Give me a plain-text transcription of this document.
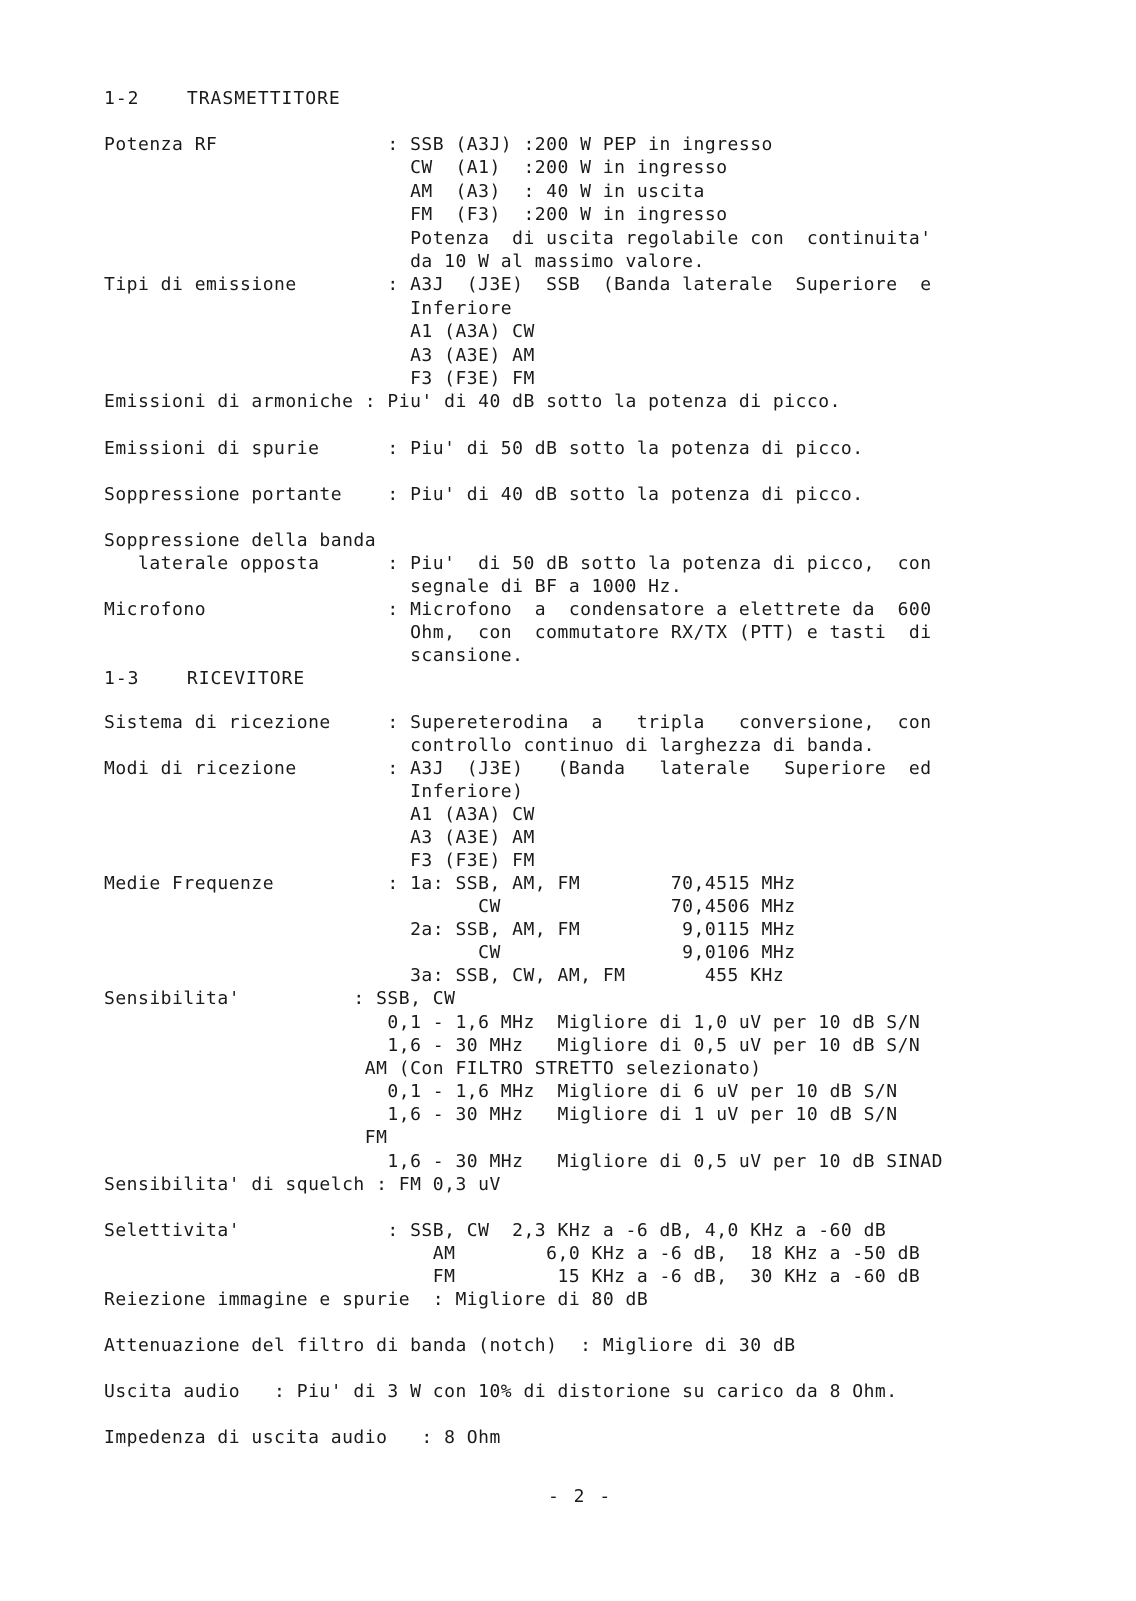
1-2    TRASMETTITORE
Potenza RF               : SSB (A3J) :200 W PEP in ingresso
CW  (A1)  :200 W in ingresso
AM  (A3)  : 40 W in uscita
FM  (F3)  :200 W in ingresso
Potenza  di uscita regolabile con  continuita'
da 10 W al massimo valore.
Tipi di emissione        : A3J  (J3E)  SSB  (Banda laterale  Superiore  e
Inferiore
A1 (A3A) CW
A3 (A3E) AM
F3 (F3E) FM
Emissioni di armoniche : Piu' di 40 dB sotto la potenza di picco.
Emissioni di spurie      : Piu' di 50 dB sotto la potenza di picco.
Soppressione portante    : Piu' di 40 dB sotto la potenza di picco.
Soppressione della banda
laterale opposta      : Piu'  di 50 dB sotto la potenza di picco,  con
segnale di BF a 1000 Hz.
Microfono                : Microfono  a  condensatore a elettrete da  600
Ohm,  con  commutatore RX/TX (PTT) e tasti  di
scansione.
1-3    RICEVITORE
Sistema di ricezione     : Supereterodina  a   tripla   conversione,  con
controllo continuo di larghezza di banda.
Modi di ricezione        : A3J  (J3E)   (Banda   laterale   Superiore  ed
Inferiore)
A1 (A3A) CW
A3 (A3E) AM
F3 (F3E) FM
Medie Frequenze          : 1a: SSB, AM, FM        70,4515 MHz
CW               70,4506 MHz
2a: SSB, AM, FM         9,0115 MHz
CW                9,0106 MHz
3a: SSB, CW, AM, FM       455 KHz
Sensibilita'          : SSB, CW
0,1 - 1,6 MHz  Migliore di 1,0 uV per 10 dB S/N
1,6 - 30 MHz   Migliore di 0,5 uV per 10 dB S/N
AM (Con FILTRO STRETTO selezionato)
0,1 - 1,6 MHz  Migliore di 6 uV per 10 dB S/N
1,6 - 30 MHz   Migliore di 1 uV per 10 dB S/N
FM
1,6 - 30 MHz   Migliore di 0,5 uV per 10 dB SINAD
Sensibilita' di squelch : FM 0,3 uV
Selettivita'             : SSB, CW  2,3 KHz a -6 dB, 4,0 KHz a -60 dB
AM        6,0 KHz a -6 dB,  18 KHz a -50 dB
FM         15 KHz a -6 dB,  30 KHz a -60 dB
Reiezione immagine e spurie  : Migliore di 80 dB
Attenuazione del filtro di banda (notch)  : Migliore di 30 dB
Uscita audio   : Piu' di 3 W con 10% di distorione su carico da 8 Ohm.
Impedenza di uscita audio   : 8 Ohm
- 2 -
